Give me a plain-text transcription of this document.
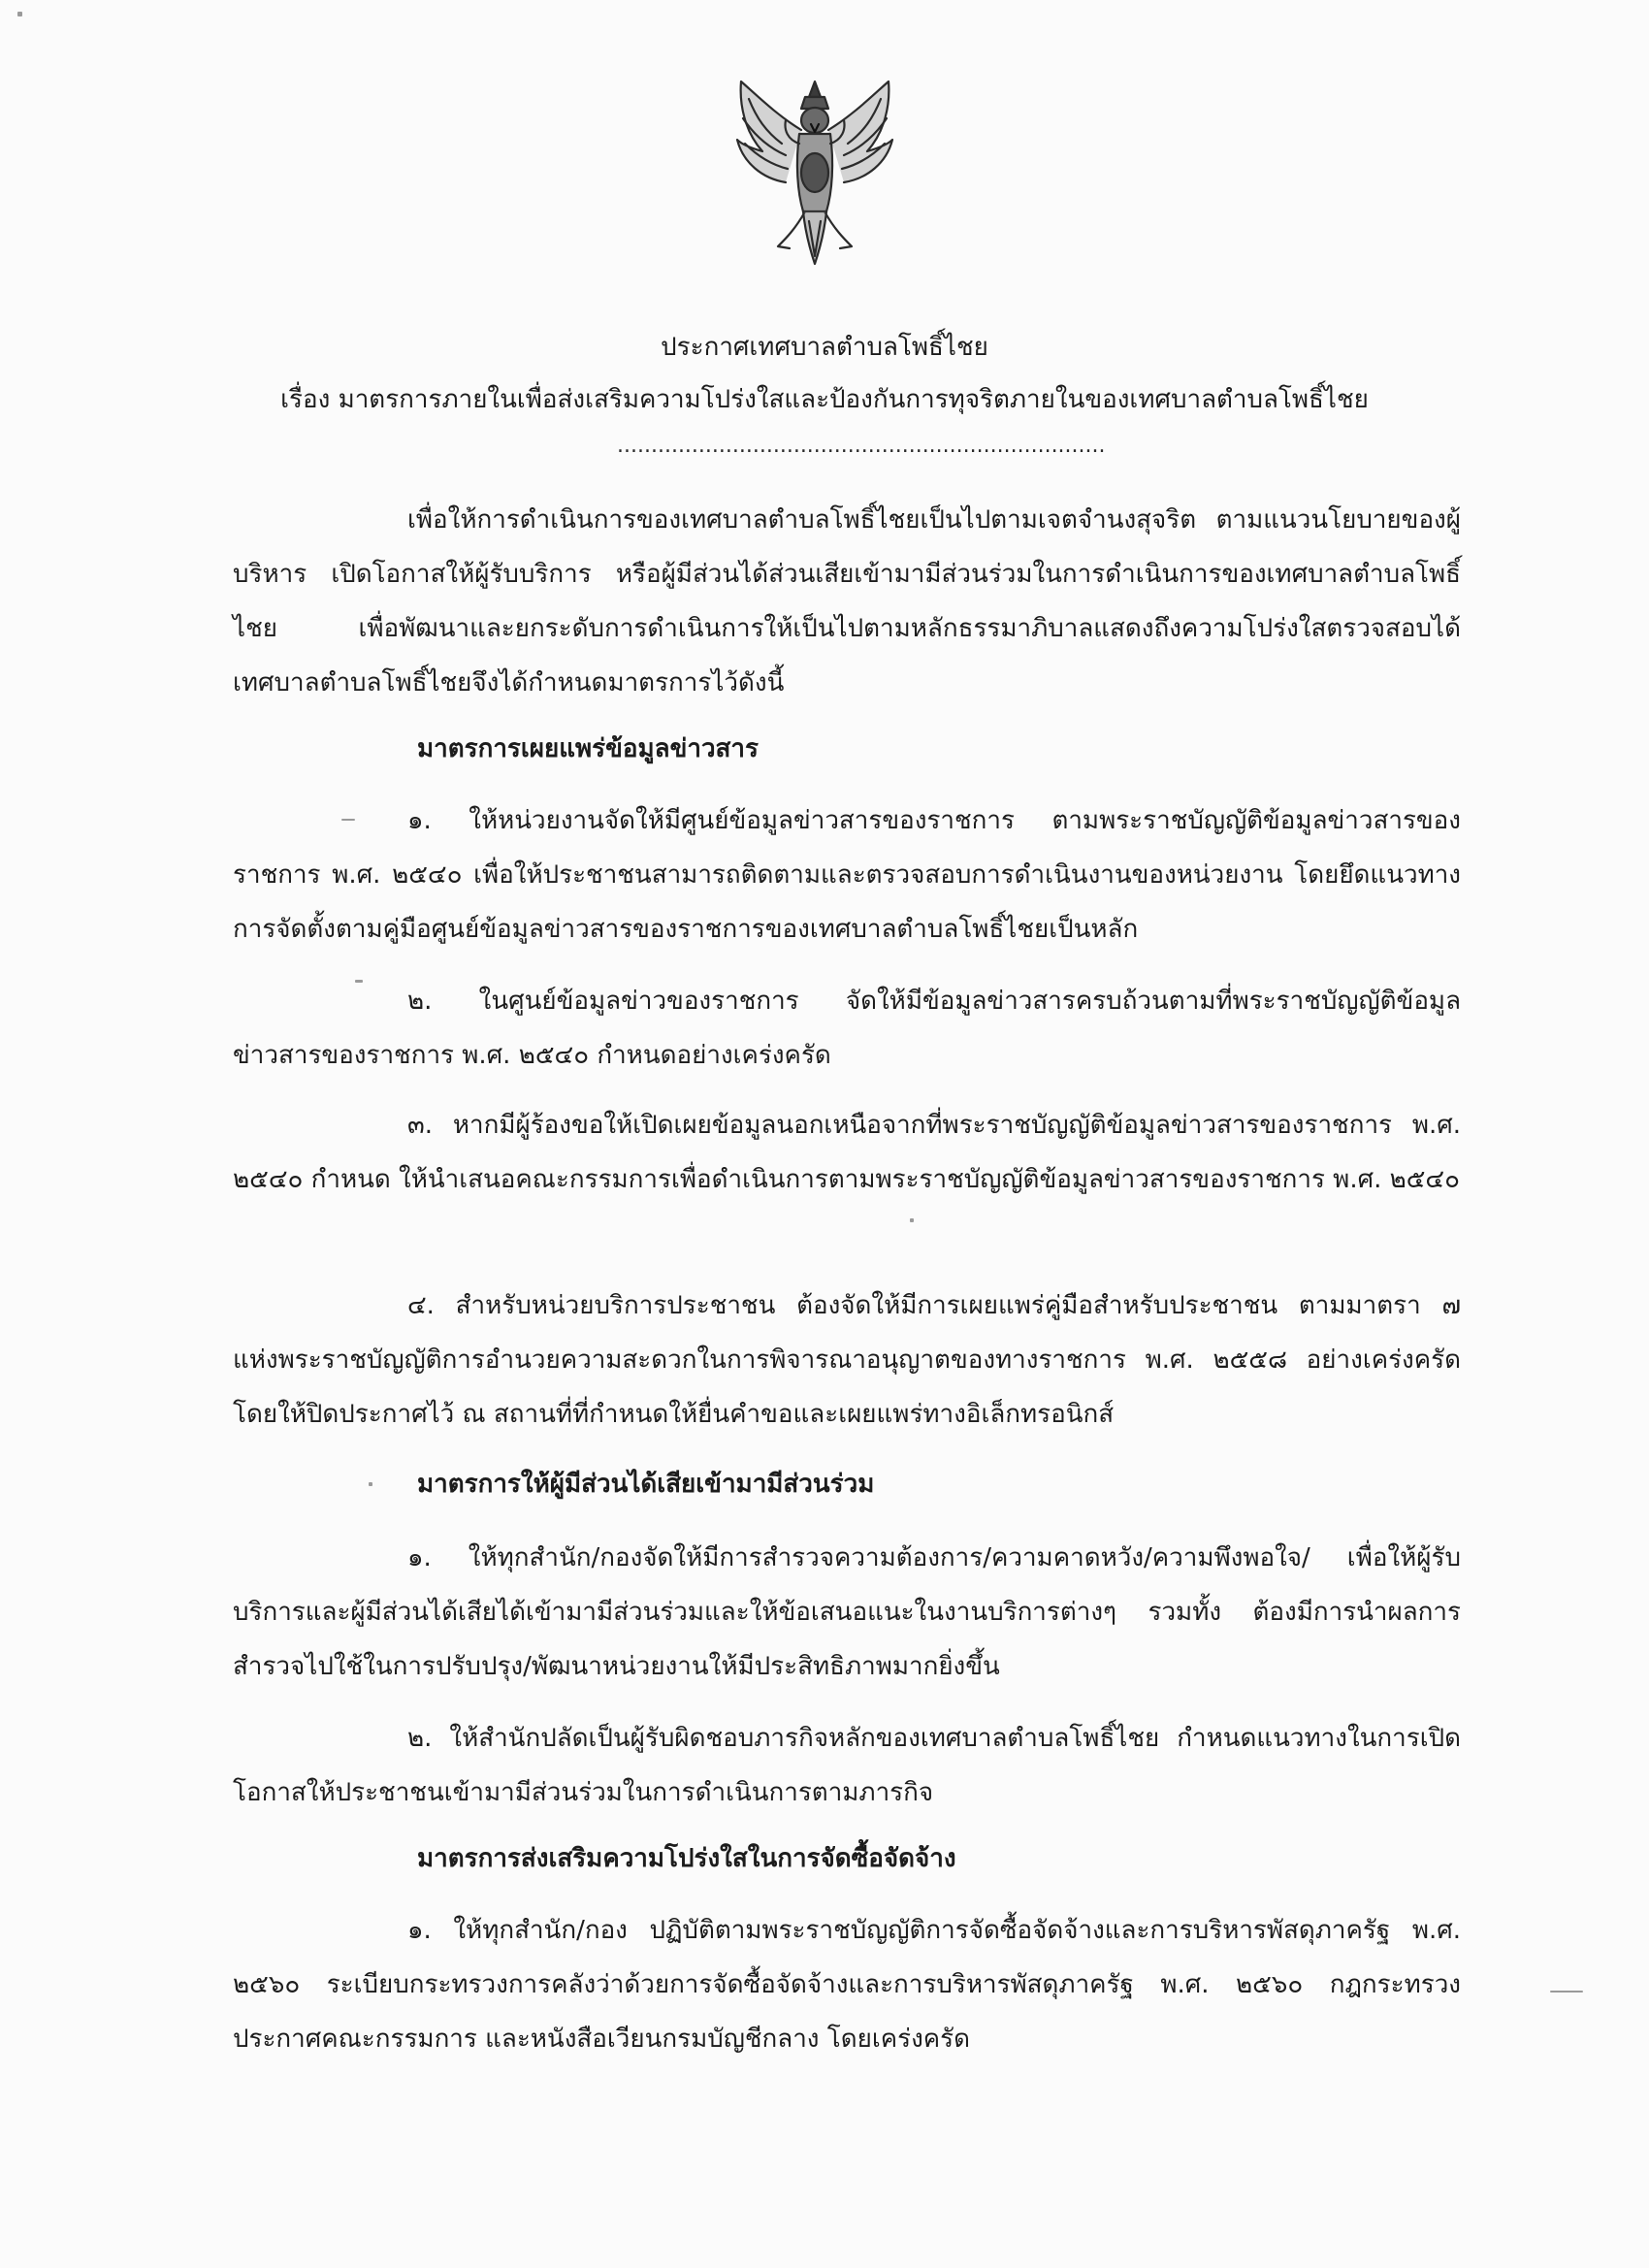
ประกาศเทศบาลตำบลโพธิ์ไชย
เรื่อง มาตรการภายในเพื่อส่งเสริมความโปร่งใสและป้องกันการทุจริตภายในของเทศบาลตำบลโพธิ์ไชย
........................................................................
เพื่อให้การดำเนินการของเทศบาลตำบลโพธิ์ไชยเป็นไปตามเจตจำนงสุจริต ตามแนวนโยบายของผู้บริหาร เปิดโอกาสให้ผู้รับบริการ หรือผู้มีส่วนได้ส่วนเสียเข้ามามีส่วนร่วมในการดำเนินการของเทศบาลตำบลโพธิ์ไชย เพื่อพัฒนาและยกระดับการดำเนินการให้เป็นไปตามหลักธรรมาภิบาลแสดงถึงความโปร่งใสตรวจสอบได้ เทศบาลตำบลโพธิ์ไชยจึงได้กำหนดมาตรการไว้ดังนี้
มาตรการเผยแพร่ข้อมูลข่าวสาร
๑. ให้หน่วยงานจัดให้มีศูนย์ข้อมูลข่าวสารของราชการ ตามพระราชบัญญัติข้อมูลข่าวสารของราชการ พ.ศ. ๒๕๔๐ เพื่อให้ประชาชนสามารถติดตามและตรวจสอบการดำเนินงานของหน่วยงาน โดยยึดแนวทางการจัดตั้งตามคู่มือศูนย์ข้อมูลข่าวสารของราชการของเทศบาลตำบลโพธิ์ไชยเป็นหลัก
๒. ในศูนย์ข้อมูลข่าวของราชการ จัดให้มีข้อมูลข่าวสารครบถ้วนตามที่พระราชบัญญัติข้อมูลข่าวสารของราชการ พ.ศ. ๒๕๔๐ กำหนดอย่างเคร่งครัด
๓. หากมีผู้ร้องขอให้เปิดเผยข้อมูลนอกเหนือจากที่พระราชบัญญัติข้อมูลข่าวสารของราชการ พ.ศ. ๒๕๔๐ กำหนด ให้นำเสนอคณะกรรมการเพื่อดำเนินการตามพระราชบัญญัติข้อมูลข่าวสารของราชการ พ.ศ. ๒๕๔๐
๔. สำหรับหน่วยบริการประชาชน ต้องจัดให้มีการเผยแพร่คู่มือสำหรับประชาชน ตามมาตรา ๗ แห่งพระราชบัญญัติการอำนวยความสะดวกในการพิจารณาอนุญาตของทางราชการ พ.ศ. ๒๕๕๘ อย่างเคร่งครัด โดยให้ปิดประกาศไว้ ณ สถานที่ที่กำหนดให้ยื่นคำขอและเผยแพร่ทางอิเล็กทรอนิกส์
มาตรการให้ผู้มีส่วนได้เสียเข้ามามีส่วนร่วม
๑. ให้ทุกสำนัก/กองจัดให้มีการสำรวจความต้องการ/ความคาดหวัง/ความพึงพอใจ/ เพื่อให้ผู้รับบริการและผู้มีส่วนได้เสียได้เข้ามามีส่วนร่วมและให้ข้อเสนอแนะในงานบริการต่างๆ รวมทั้ง ต้องมีการนำผลการสำรวจไปใช้ในการปรับปรุง/พัฒนาหน่วยงานให้มีประสิทธิภาพมากยิ่งขึ้น
๒. ให้สำนักปลัดเป็นผู้รับผิดชอบภารกิจหลักของเทศบาลตำบลโพธิ์ไชย กำหนดแนวทางในการเปิดโอกาสให้ประชาชนเข้ามามีส่วนร่วมในการดำเนินการตามภารกิจ
มาตรการส่งเสริมความโปร่งใสในการจัดซื้อจัดจ้าง
๑. ให้ทุกสำนัก/กอง ปฏิบัติตามพระราชบัญญัติการจัดซื้อจัดจ้างและการบริหารพัสดุภาครัฐ พ.ศ. ๒๕๖๐ ระเบียบกระทรวงการคลังว่าด้วยการจัดซื้อจัดจ้างและการบริหารพัสดุภาครัฐ พ.ศ. ๒๕๖๐ กฎกระทรวง ประกาศคณะกรรมการ และหนังสือเวียนกรมบัญชีกลาง โดยเคร่งครัด
